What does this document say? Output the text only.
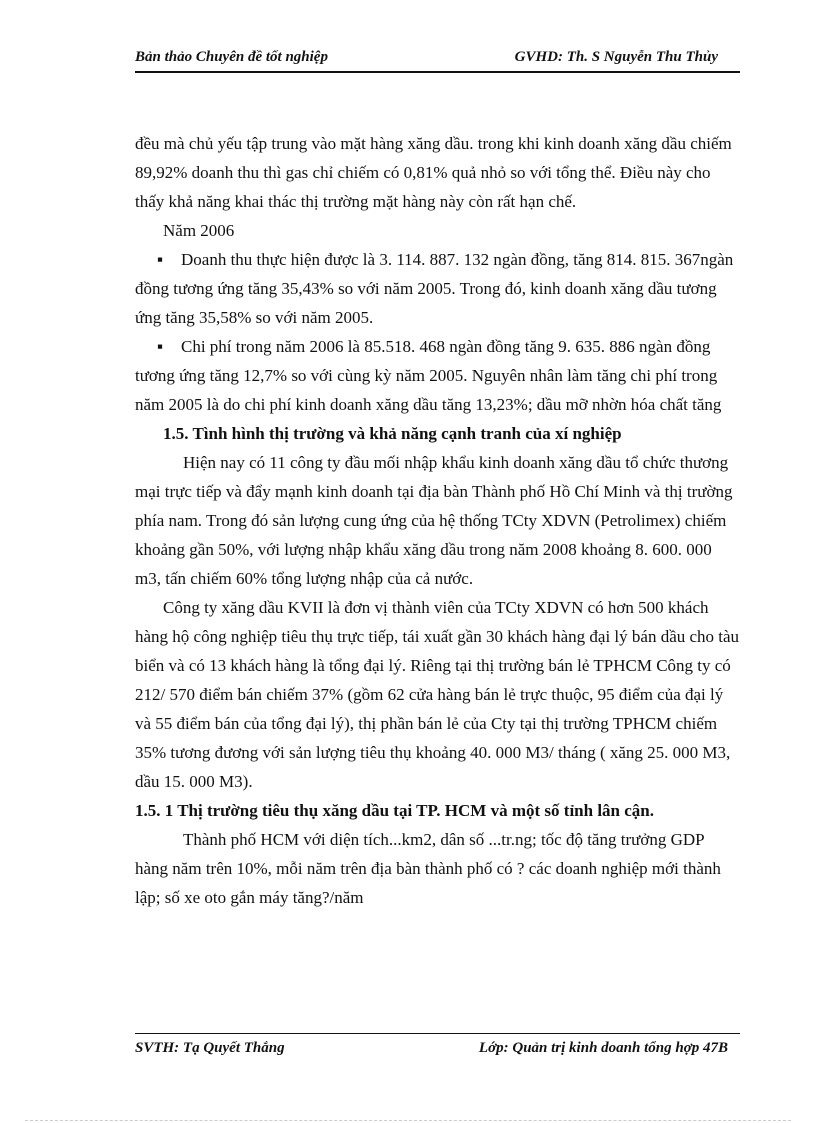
Bản thảo Chuyên đề tốt nghiệp	GVHD: Th. S Nguyễn Thu Thủy

đều mà chủ yếu tập trung vào mặt hàng xăng dầu. trong khi kinh doanh xăng dầu chiếm 89,92% doanh thu thì gas chỉ chiếm có 0,81% quả nhỏ so với tổng thể. Điều này cho thấy khả năng khai thác thị trường mặt hàng này còn rất hạn chế.

Năm 2006

▪ Doanh thu thực hiện được là 3. 114. 887. 132 ngàn đồng, tăng 814. 815. 367ngàn đồng tương ứng tăng 35,43% so với năm 2005. Trong đó, kinh doanh xăng dầu tương ứng tăng 35,58% so với năm 2005.

▪ Chi phí trong năm 2006 là 85.518. 468 ngàn đồng tăng 9. 635. 886 ngàn đồng tương ứng tăng 12,7% so với cùng kỳ năm 2005. Nguyên nhân làm tăng chi phí trong năm 2005 là do chi phí kinh doanh xăng dầu tăng 13,23%; dầu mỡ nhờn hóa chất tăng

1.5. Tình hình thị trường và khả năng cạnh tranh của xí nghiệp

Hiện nay có 11 công ty đầu mối nhập khẩu kinh doanh xăng dầu tổ chức thương mại trực tiếp và đẩy mạnh kinh doanh tại địa bàn Thành phố Hồ Chí Minh và thị trường phía nam. Trong đó sản lượng cung ứng của hệ thống TCty XDVN (Petrolimex) chiếm khoảng gần 50%, với lượng nhập khẩu xăng dầu trong năm 2008 khoảng 8. 600. 000 m3, tấn chiếm 60% tổng lượng nhập của cả nước.

Công ty xăng dầu KVII là đơn vị thành viên của TCty XDVN có hơn 500 khách hàng hộ công nghiệp tiêu thụ trực tiếp, tái xuất gần 30 khách hàng đại lý bán dầu cho tàu biển và có 13 khách hàng là tổng đại lý. Riêng tại thị trường bán lẻ TPHCM Công ty có 212/ 570 điểm bán chiếm 37% (gồm 62 cửa hàng bán lẻ trực thuộc, 95 điểm của đại lý và 55 điểm bán của tổng đại lý), thị phần bán lẻ của Cty tại thị trường TPHCM chiếm 35% tương đương với sản lượng tiêu thụ khoảng 40. 000 M3/ tháng ( xăng 25. 000 M3, dầu 15. 000 M3).

1.5. 1 Thị trường tiêu thụ xăng dầu tại TP. HCM và một số tỉnh lân cận.

Thành phố HCM với diện tích...km2, dân số ...tr.ng; tốc độ tăng trưởng GDP hàng năm trên 10%, mỗi năm trên địa bàn thành phố có ? các doanh nghiệp mới thành lập; số xe oto gắn máy tăng?/năm

SVTH: Tạ Quyết Thắng	Lớp: Quản trị kinh doanh tổng hợp 47B
